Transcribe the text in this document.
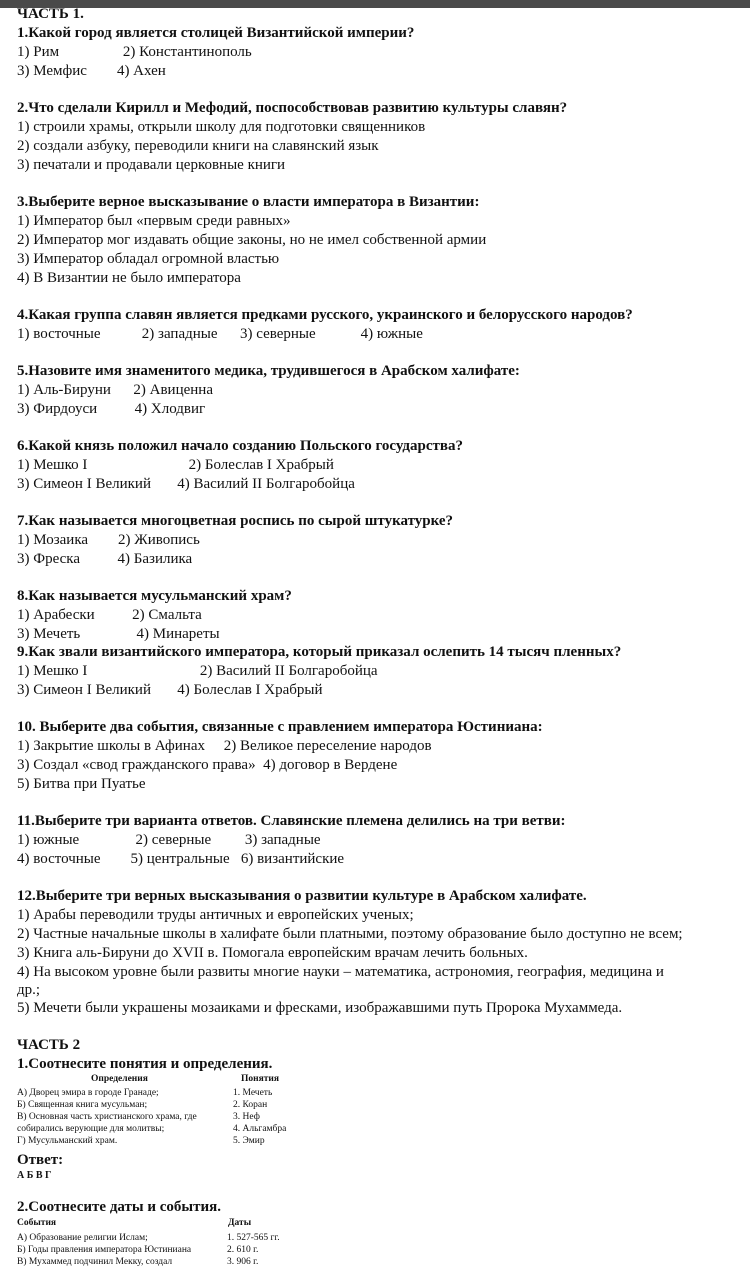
ЧАСТЬ 1.
1.Какой город является столицей Византийской империи?
1) Рим                 2) Константинополь
3) Мемфис        4) Ахен
2.Что сделали Кирилл и Мефодий, поспособствовав развитию культуры славян?
1) строили храмы, открыли школу для подготовки священников
2) создали азбуку, переводили книги на славянский язык
3) печатали и продавали церковные книги
3.Выберите верное высказывание о власти императора в Византии:
1) Император был «первым среди равных»
2) Император мог издавать общие законы, но не имел собственной армии
3) Император обладал огромной властью
4) В Византии не было императора
4.Какая группа славян является предками русского, украинского и белорусского народов?
1) восточные           2) западные      3) северные            4) южные
5.Назовите имя знаменитого медика, трудившегося в Арабском халифате:
1) Аль-Бируни      2) Авиценна
3) Фирдоуси          4) Хлодвиг
6.Какой князь положил начало созданию Польского государства?
1) Мешко I                           2) Болеслав I Храбрый
3) Симеон I Великий       4) Василий II Болгаробойца
7.Как называется многоцветная роспись по сырой штукатурке?
1) Мозаика        2) Живопись
3) Фреска          4) Базилика
8.Как называется мусульманский храм?
1) Арабески          2) Смальта
3) Мечеть               4) Минареты
9.Как звали византийского императора, который приказал ослепить 14 тысяч пленных?
1) Мешко I                              2) Василий II Болгаробойца
3) Симеон I Великий       4) Болеслав I Храбрый
10. Выберите два события, связанные с правлением императора Юстиниана:
1) Закрытие школы в Афинах     2) Великое переселение народов
3) Создал «свод гражданского права»  4) договор в Вердене
5) Битва при Пуатье
11.Выберите три варианта ответов. Славянские племена делились на три ветви:
1) южные               2) северные         3) западные
4) восточные        5) центральные   6) византийские
12.Выберите три верных высказывания о развитии культуре в Арабском халифате.
1) Арабы переводили труды античных и европейских ученых;
2) Частные начальные школы в халифате были платными, поэтому образование было доступно не всем;
3) Книга аль-Бируни до XVII в. Помогала европейским врачам лечить больных.
4) На высоком уровне были развиты многие науки – математика, астрономия, география, медицина и
др.;
5) Мечети были украшены мозаиками и фресками, изображавшими путь Пророка Мухаммеда.
ЧАСТЬ 2
1.Соотнесите понятия и определения.
Определения	Понятия
А) Дворец эмира в городе Гранаде;
Б) Священная книга мусульман;
В) Основная часть христианского храма, где
собирались верующие для молитвы;
Г) Мусульманский храм.
1. Мечеть
2. Коран
3. Неф
4. Альгамбра
5. Эмир
Ответ:
А Б В Г
2.Соотнесите даты и события.
События	Даты
А) Образование религии Ислам;
Б) Годы правления императора Юстиниана
В) Мухаммед подчинил Мекку, создал
1. 527-565 гг.
2. 610 г.
3. 906 г.
